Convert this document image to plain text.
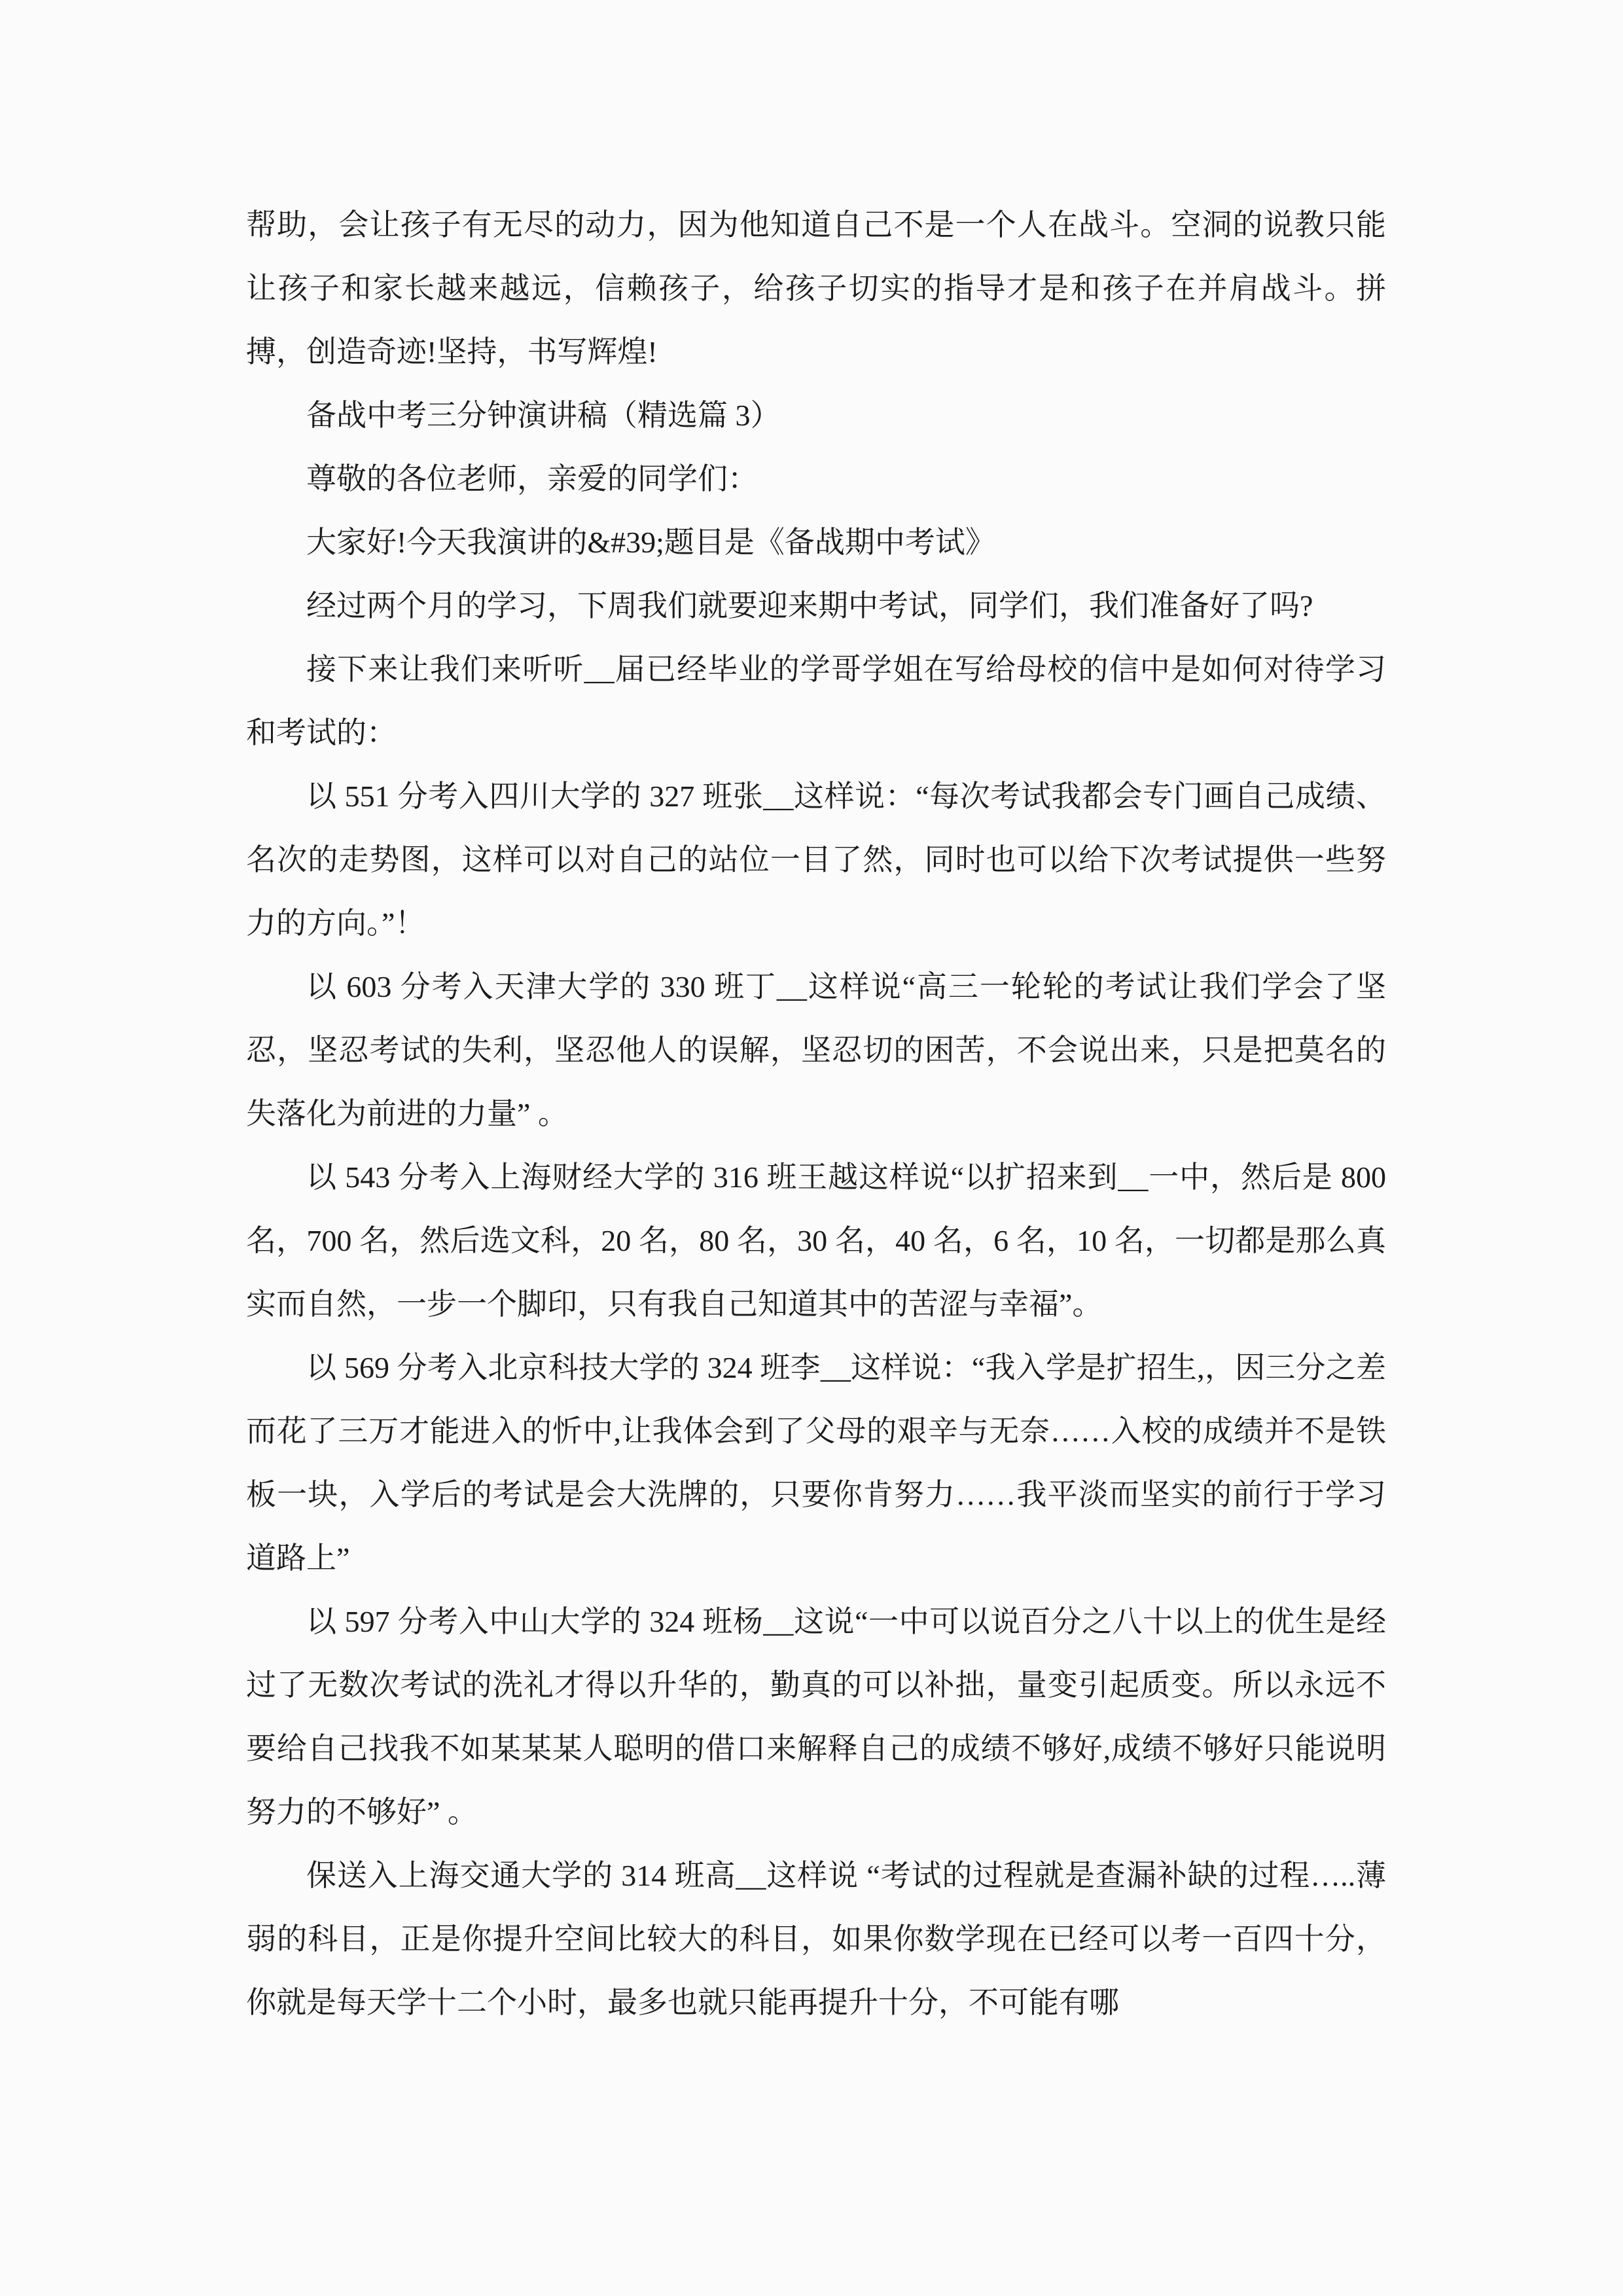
帮助，会让孩子有无尽的动力，因为他知道自己不是一个人在战斗。空洞的说教只能让孩子和家长越来越远，信赖孩子，给孩子切实的指导才是和孩子在并肩战斗。拼搏，创造奇迹!坚持，书写辉煌!

备战中考三分钟演讲稿（精选篇 3）

尊敬的各位老师，亲爱的同学们：

大家好!今天我演讲的&#39;题目是《备战期中考试》

经过两个月的学习，下周我们就要迎来期中考试，同学们，我们准备好了吗?

接下来让我们来听听__届已经毕业的学哥学姐在写给母校的信中是如何对待学习和考试的：

以 551 分考入四川大学的 327 班张__这样说：“每次考试我都会专门画自己成绩、名次的走势图，这样可以对自己的站位一目了然，同时也可以给下次考试提供一些努力的方向。”！

以 603 分考入天津大学的 330 班丁__这样说“高三一轮轮的考试让我们学会了坚忍，坚忍考试的失利，坚忍他人的误解，坚忍切的困苦，不会说出来，只是把莫名的失落化为前进的力量” 。

以 543 分考入上海财经大学的 316 班王越这样说“以扩招来到__一中，然后是 800 名，700 名，然后选文科，20 名，80 名，30 名，40 名，6 名，10 名，一切都是那么真实而自然，一步一个脚印，只有我自己知道其中的苦涩与幸福”。

以 569 分考入北京科技大学的 324 班李__这样说：“我入学是扩招生,，因三分之差而花了三万才能进入的忻中,让我体会到了父母的艰辛与无奈……入校的成绩并不是铁板一块，入学后的考试是会大洗牌的，只要你肯努力……我平淡而坚实的前行于学习道路上”

以 597 分考入中山大学的 324 班杨__这说“一中可以说百分之八十以上的优生是经过了无数次考试的洗礼才得以升华的，勤真的可以补拙，量变引起质变。所以永远不要给自己找我不如某某某人聪明的借口来解释自己的成绩不够好,成绩不够好只能说明努力的不够好” 。

保送入上海交通大学的 314 班高__这样说 “考试的过程就是查漏补缺的过程…..薄弱的科目，正是你提升空间比较大的科目，如果你数学现在已经可以考一百四十分，你就是每天学十二个小时，最多也就只能再提升十分，不可能有哪
